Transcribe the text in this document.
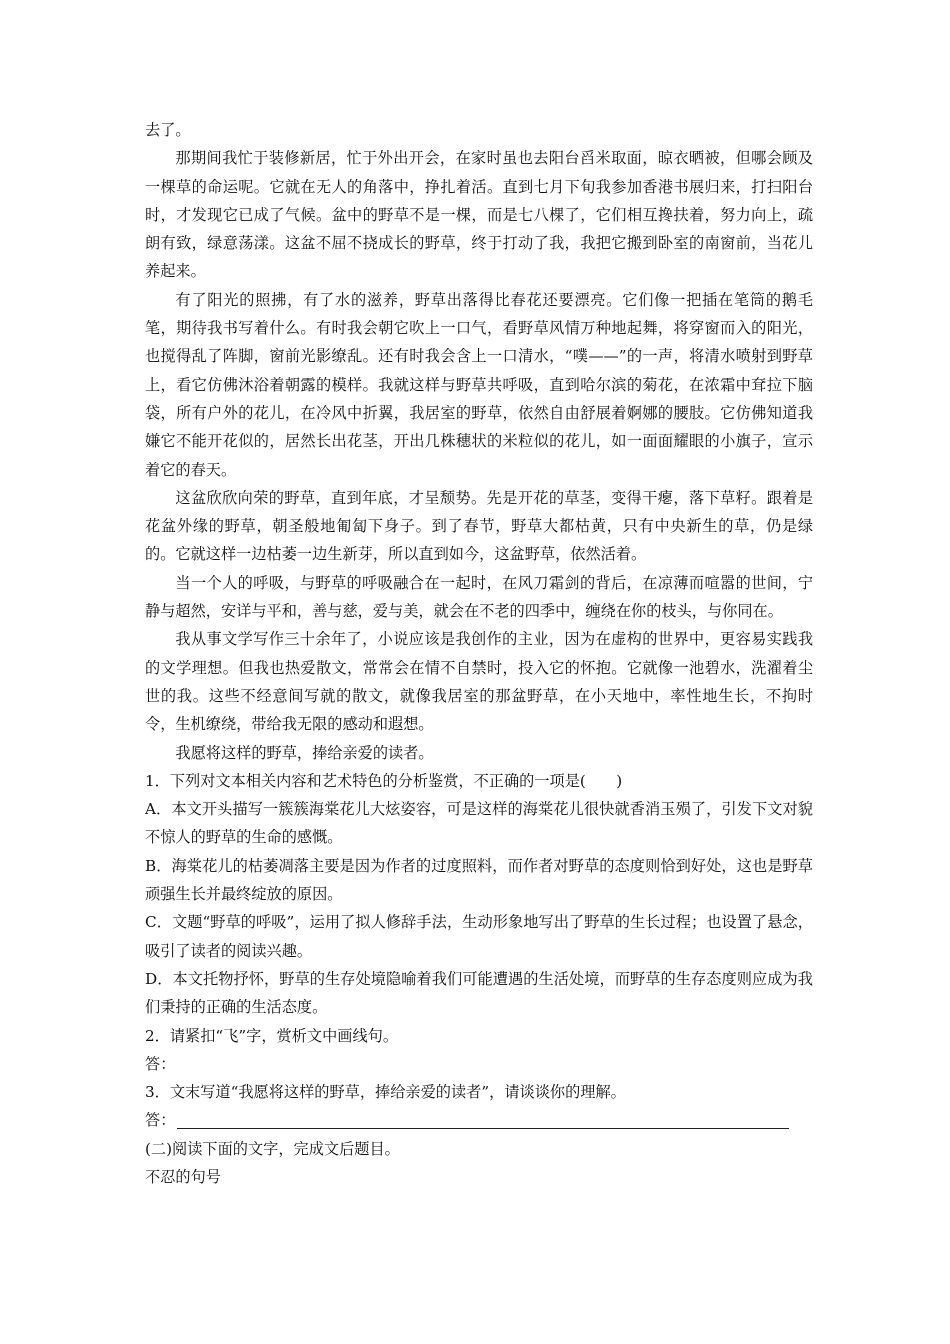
去了。

那期间我忙于装修新居，忙于外出开会，在家时虽也去阳台舀米取面，晾衣晒被，但哪会顾及一棵草的命运呢。它就在无人的角落中，挣扎着活。直到七月下旬我参加香港书展归来，打扫阳台时，才发现它已成了气候。盆中的野草不是一棵，而是七八棵了，它们相互搀扶着，努力向上，疏朗有致，绿意荡漾。这盆不屈不挠成长的野草，终于打动了我，我把它搬到卧室的南窗前，当花儿养起来。

有了阳光的照拂，有了水的滋养，野草出落得比春花还要漂亮。它们像一把插在笔筒的鹅毛笔，期待我书写着什么。有时我会朝它吹上一口气，看野草风情万种地起舞，将穿窗而入的阳光，也搅得乱了阵脚，窗前光影缭乱。还有时我会含上一口清水，“噗——”的一声，将清水喷射到野草上，看它仿佛沐浴着朝露的模样。我就这样与野草共呼吸，直到哈尔滨的菊花，在浓霜中耷拉下脑袋，所有户外的花儿，在冷风中折翼，我居室的野草，依然自由舒展着婀娜的腰肢。它仿佛知道我嫌它不能开花似的，居然长出花茎，开出几株穗状的米粒似的花儿，如一面面耀眼的小旗子，宣示着它的春天。

这盆欣欣向荣的野草，直到年底，才呈颓势。先是开花的草茎，变得干瘪，落下草籽。跟着是花盆外缘的野草，朝圣般地匍匐下身子。到了春节，野草大都枯黄，只有中央新生的草，仍是绿的。它就这样一边枯萎一边生新芽，所以直到如今，这盆野草，依然活着。

当一个人的呼吸，与野草的呼吸融合在一起时，在风刀霜剑的背后，在凉薄而喧嚣的世间，宁静与超然，安详与平和，善与慈，爱与美，就会在不老的四季中，缠绕在你的枝头，与你同在。

我从事文学写作三十余年了，小说应该是我创作的主业，因为在虚构的世界中，更容易实践我的文学理想。但我也热爱散文，常常会在情不自禁时，投入它的怀抱。它就像一池碧水，洗濯着尘世的我。这些不经意间写就的散文，就像我居室的那盆野草，在小天地中，率性地生长，不拘时令，生机缭绕，带给我无限的感动和遐想。

我愿将这样的野草，捧给亲爱的读者。

1．下列对文本相关内容和艺术特色的分析鉴赏，不正确的一项是(　　)

A．本文开头描写一簇簇海棠花儿大炫姿容，可是这样的海棠花儿很快就香消玉殒了，引发下文对貌不惊人的野草的生命的感慨。

B．海棠花儿的枯萎凋落主要是因为作者的过度照料，而作者对野草的态度则恰到好处，这也是野草顽强生长并最终绽放的原因。

C．文题“野草的呼吸”，运用了拟人修辞手法，生动形象地写出了野草的生长过程；也设置了悬念，吸引了读者的阅读兴趣。

D．本文托物抒怀，野草的生存处境隐喻着我们可能遭遇的生活处境，而野草的生存态度则应成为我们秉持的正确的生活态度。

2．请紧扣“飞”字，赏析文中画线句。

答：

3．文末写道“我愿将这样的野草，捧给亲爱的读者”，请谈谈你的理解。

答：

(二)阅读下面的文字，完成文后题目。

不忍的句号
